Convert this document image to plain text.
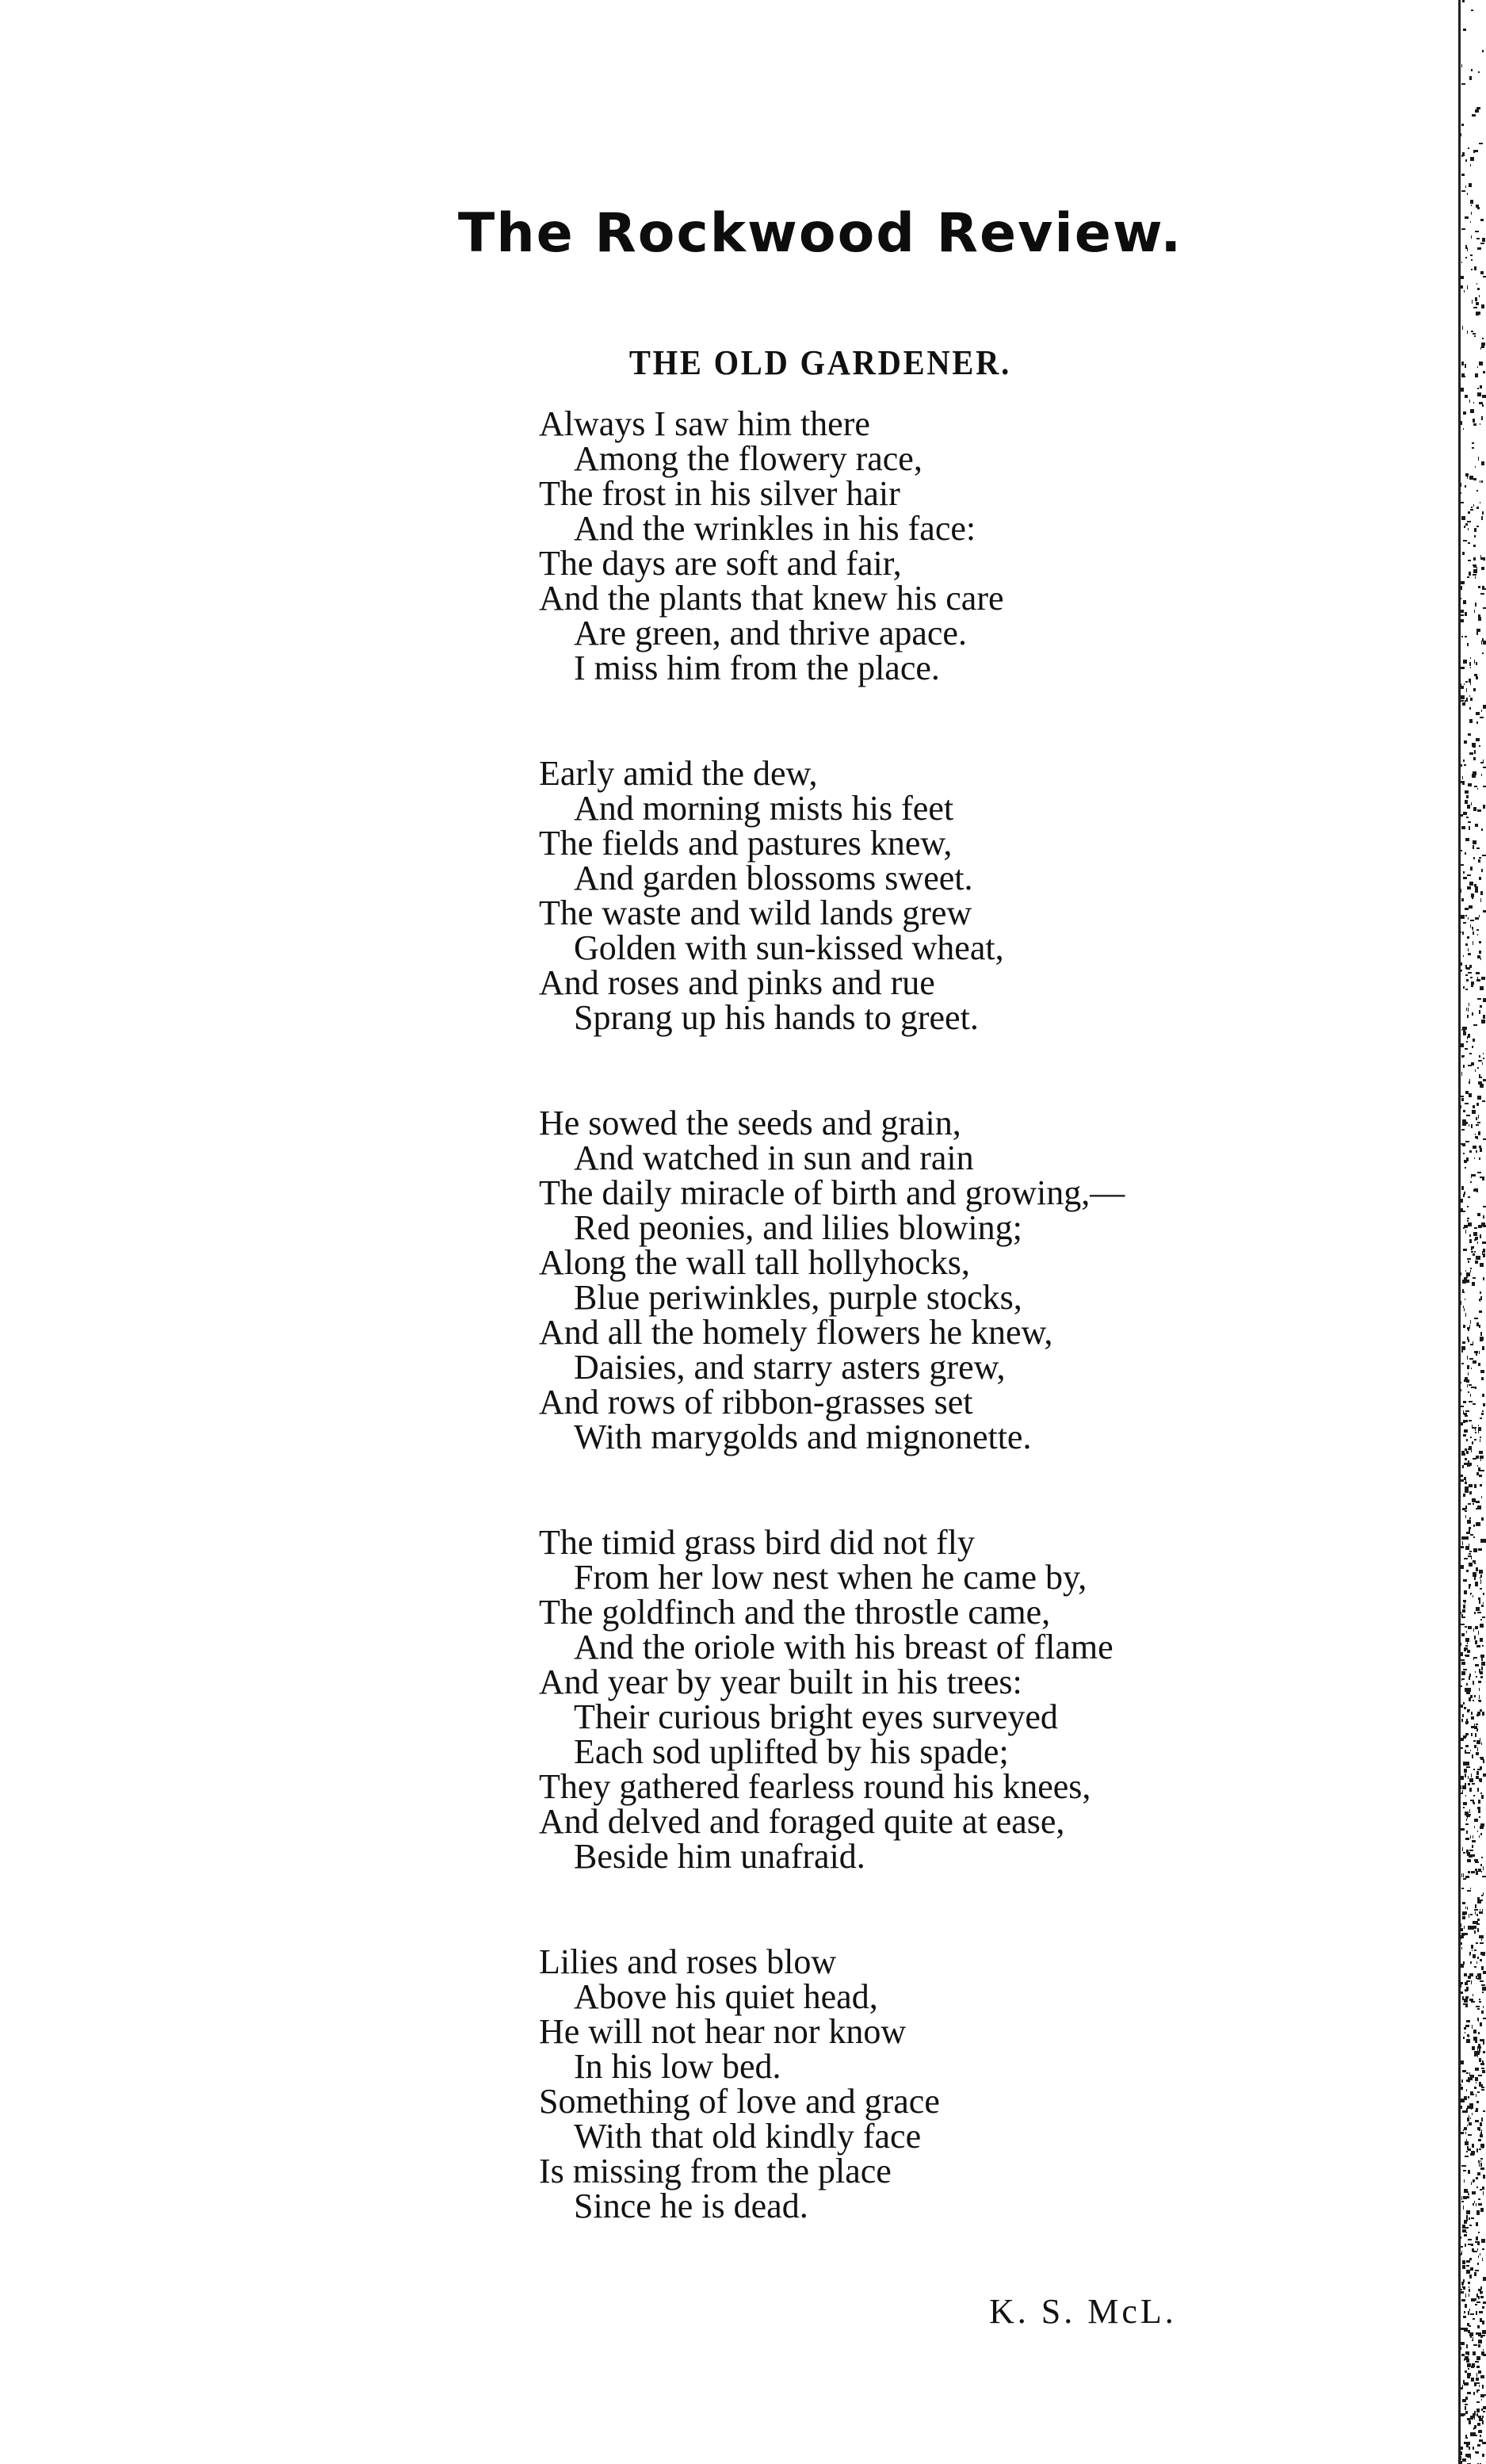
The Rockwood Review.
THE OLD GARDENER.
Always I saw him there
Among the flowery race,
The frost in his silver hair
And the wrinkles in his face:
The days are soft and fair,
And the plants that knew his care
Are green, and thrive apace.
I miss him from the place.
Early amid the dew,
And morning mists his feet
The fields and pastures knew,
And garden blossoms sweet.
The waste and wild lands grew
Golden with sun-kissed wheat,
And roses and pinks and rue
Sprang up his hands to greet.
He sowed the seeds and grain,
And watched in sun and rain
The daily miracle of birth and growing,—
Red peonies, and lilies blowing;
Along the wall tall hollyhocks,
Blue periwinkles, purple stocks,
And all the homely flowers he knew,
Daisies, and starry asters grew,
And rows of ribbon-grasses set
With marygolds and mignonette.
The timid grass bird did not fly
From her low nest when he came by,
The goldfinch and the throstle came,
And the oriole with his breast of flame
And year by year built in his trees:
Their curious bright eyes surveyed
Each sod uplifted by his spade;
They gathered fearless round his knees,
And delved and foraged quite at ease,
Beside him unafraid.
Lilies and roses blow
Above his quiet head,
He will not hear nor know
In his low bed.
Something of love and grace
With that old kindly face
Is missing from the place
Since he is dead.
K. S. McL.
